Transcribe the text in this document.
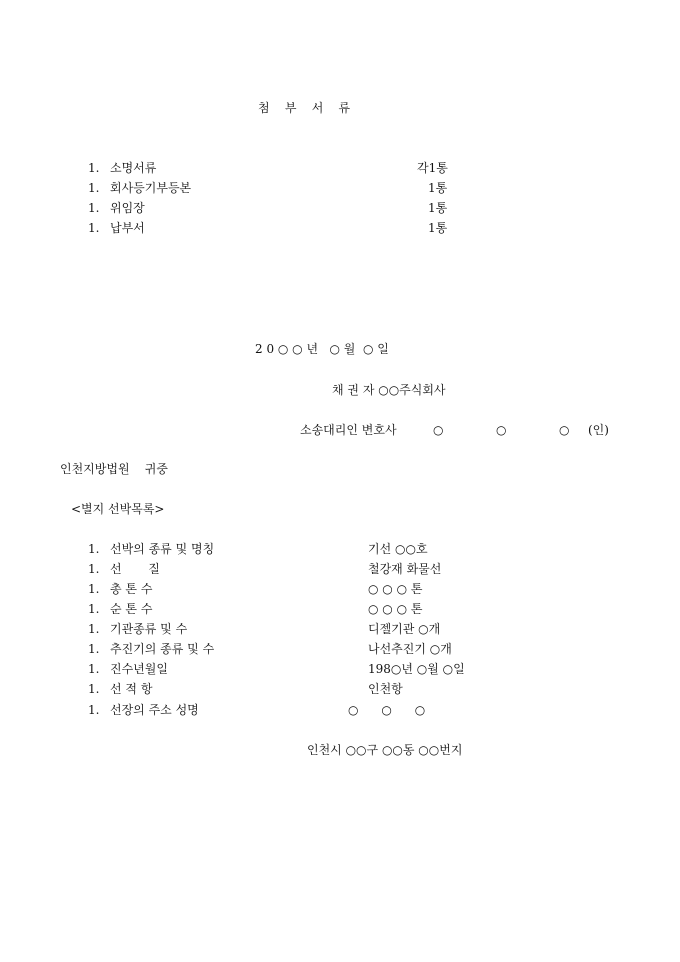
첨    부    서    류
1. 소명서류	각1통
1. 회사등기부등본	1통
1. 위임장	1통
1. 납부서	1통
2 0 ○ ○ 년   ○ 월  ○ 일
채 권 자 ○○주식회사
소송대리인 변호사	○	○	○ (인)
인천지방법원    귀중
<별지 선박목록>
1. 선박의 종류 및 명칭	기선 ○○호
1. 선       질	철강재 화물선
1. 총 톤 수	○ ○ ○ 톤
1. 순 톤 수	○ ○ ○ 톤
1. 기관종류 및 수	디젤기관 ○개
1. 추진기의 종류 및 수	나선추진기 ○개
1. 진수년월일	198○년 ○월 ○일
1. 선 적 항	인천항
1. 선장의 주소 성명	○      ○      ○
인천시 ○○구 ○○동 ○○번지
